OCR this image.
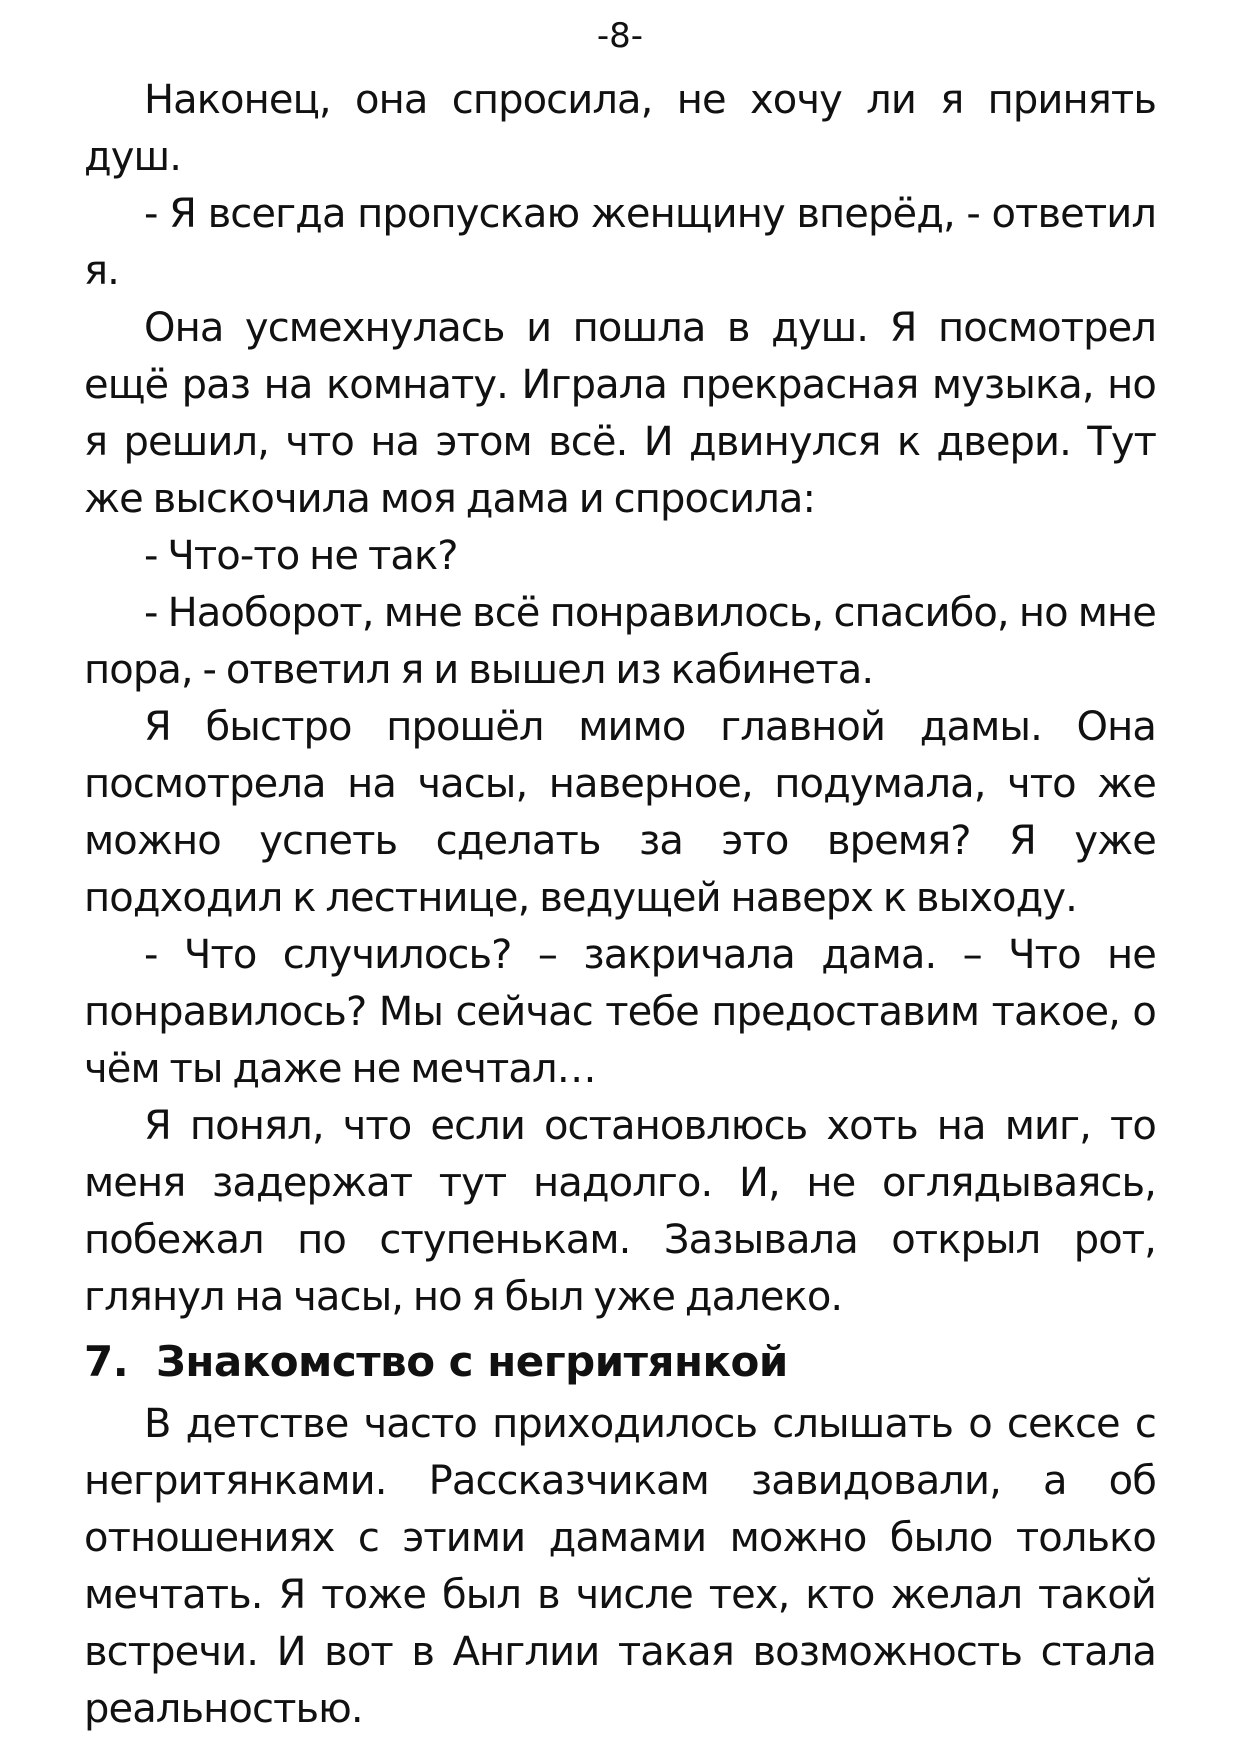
-8-

Наконец, она спросила, не хочу ли я принять душ.

- Я всегда пропускаю женщину вперёд, - ответил я.

Она усмехнулась и пошла в душ. Я посмотрел ещё раз на комнату. Играла прекрасная музыка, но я решил, что на этом всё. И двинулся к двери. Тут же выскочила моя дама и спросила:

- Что-то не так?

- Наоборот, мне всё понравилось, спасибо, но мне пора, - ответил я и вышел из кабинета.

Я быстро прошёл мимо главной дамы. Она посмотрела на часы, наверное, подумала, что же можно успеть сделать за это время? Я уже подходил к лестнице, ведущей наверх к выходу.

- Что случилось? – закричала дама. – Что не понравилось? Мы сейчас тебе предоставим такое, о чём ты даже не мечтал…

Я понял, что если остановлюсь хоть на миг, то меня задержат тут надолго. И, не оглядываясь, побежал по ступенькам. Зазывала открыл рот, глянул на часы, но я был уже далеко.

7. Знакомство с негритянкой

В детстве часто приходилось слышать о сексе с негритянками. Рассказчикам завидовали, а об отношениях с этими дамами можно было только мечтать. Я тоже был в числе тех, кто желал такой встречи. И вот в Англии такая возможность стала реальностью.
